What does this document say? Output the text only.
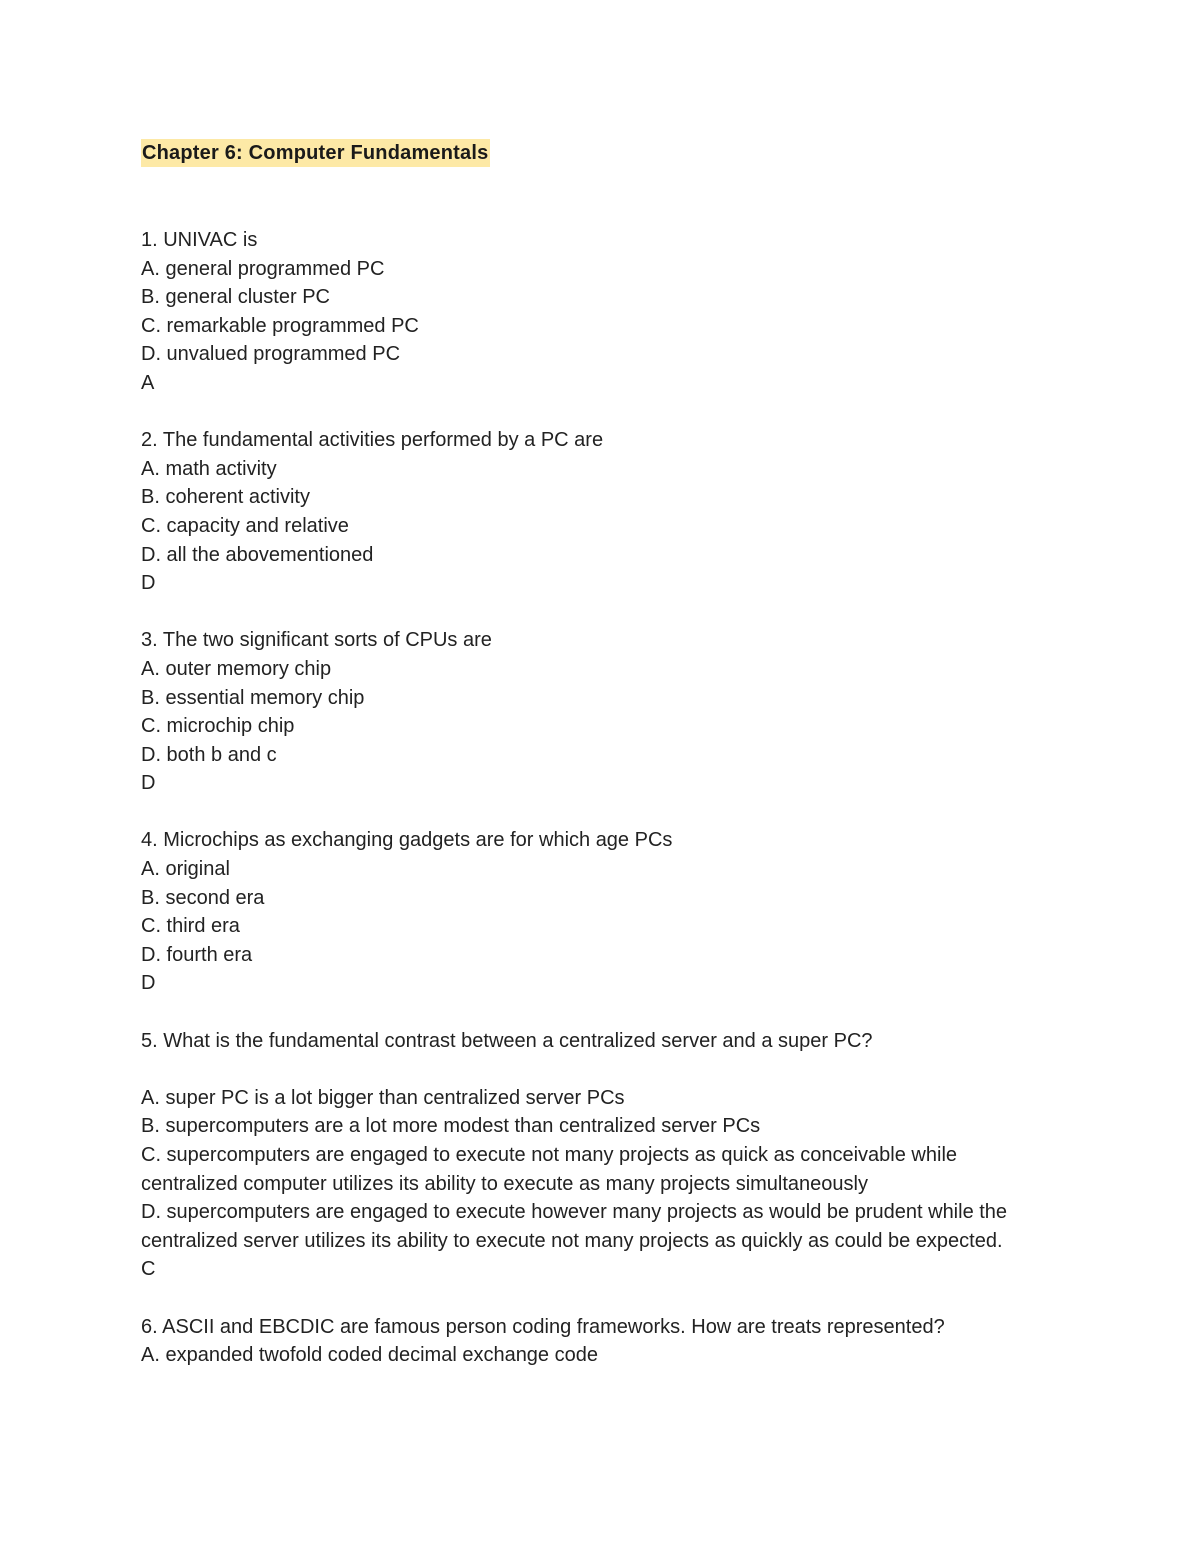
Chapter 6: Computer Fundamentals
1. UNIVAC is
A. general programmed PC
B. general cluster PC
C. remarkable programmed PC
D. unvalued programmed PC
A
2. The fundamental activities performed by a PC are
A. math activity
B. coherent activity
C. capacity and relative
D. all the abovementioned
D
3. The two significant sorts of CPUs are
A. outer memory chip
B. essential memory chip
C. microchip chip
D. both b and c
D
4. Microchips as exchanging gadgets are for which age PCs
A. original
B. second era
C. third era
D. fourth era
D
5. What is the fundamental contrast between a centralized server and a super PC?
A. super PC is a lot bigger than centralized server PCs
B. supercomputers are a lot more modest than centralized server PCs
C. supercomputers are engaged to execute not many projects as quick as conceivable while centralized computer utilizes its ability to execute as many projects simultaneously
D. supercomputers are engaged to execute however many projects as would be prudent while the centralized server utilizes its ability to execute not many projects as quickly as could be expected.
C
6. ASCII and EBCDIC are famous person coding frameworks. How are treats represented?
A. expanded twofold coded decimal exchange code
